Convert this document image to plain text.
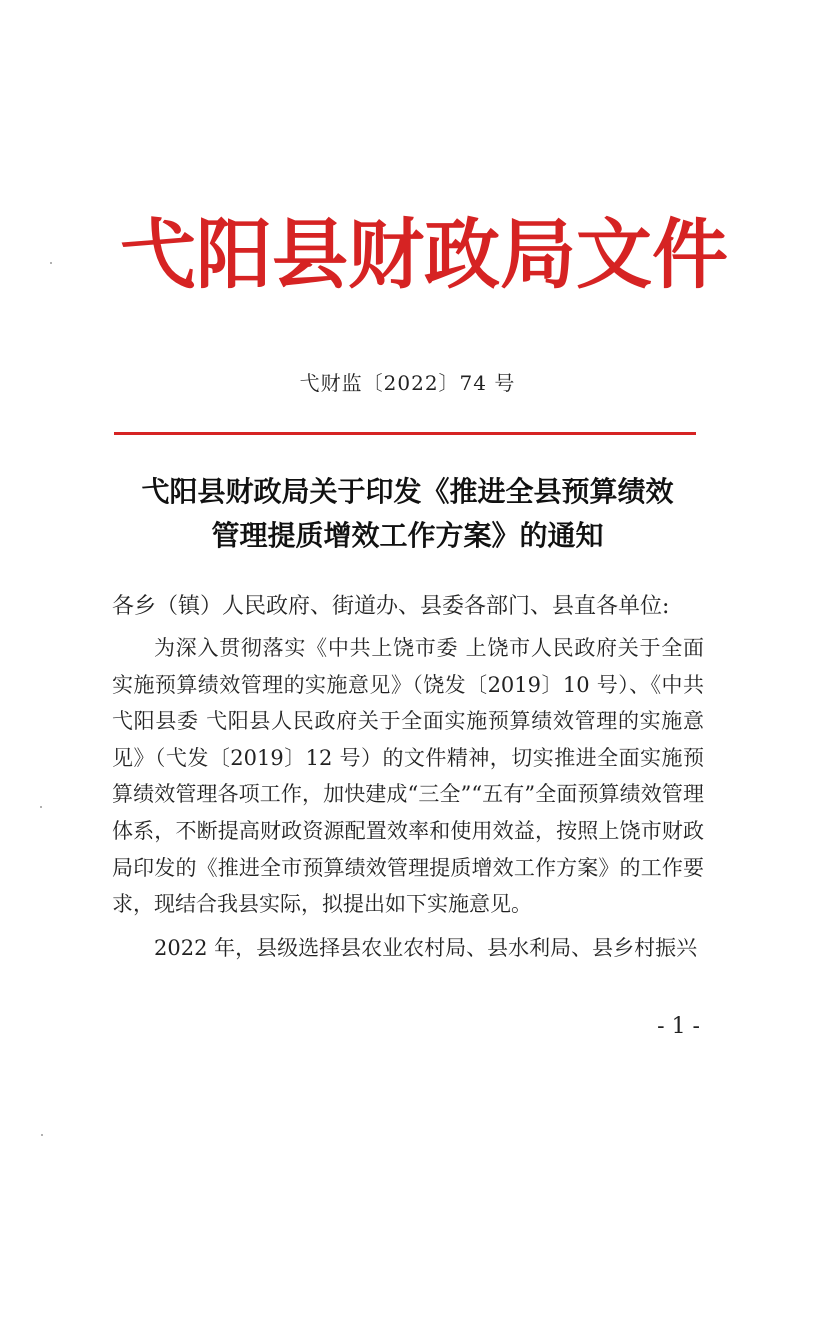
弋阳县财政局文件
弋财监〔2022〕74 号
弋阳县财政局关于印发《推进全县预算绩效
管理提质增效工作方案》的通知
各乡（镇）人民政府、街道办、县委各部门、县直各单位:

为深入贯彻落实《中共上饶市委 上饶市人民政府关于全面实施预算绩效管理的实施意见》（饶发〔2019〕10 号）、《中共弋阳县委 弋阳县人民政府关于全面实施预算绩效管理的实施意见》（弋发〔2019〕12 号）的文件精神，切实推进全面实施预算绩效管理各项工作，加快建成“三全”“五有”全面预算绩效管理体系，不断提高财政资源配置效率和使用效益，按照上饶市财政局印发的《推进全市预算绩效管理提质增效工作方案》的工作要求，现结合我县实际，拟提出如下实施意见。

2022 年，县级选择县农业农村局、县水利局、县乡村振兴

- 1 -
